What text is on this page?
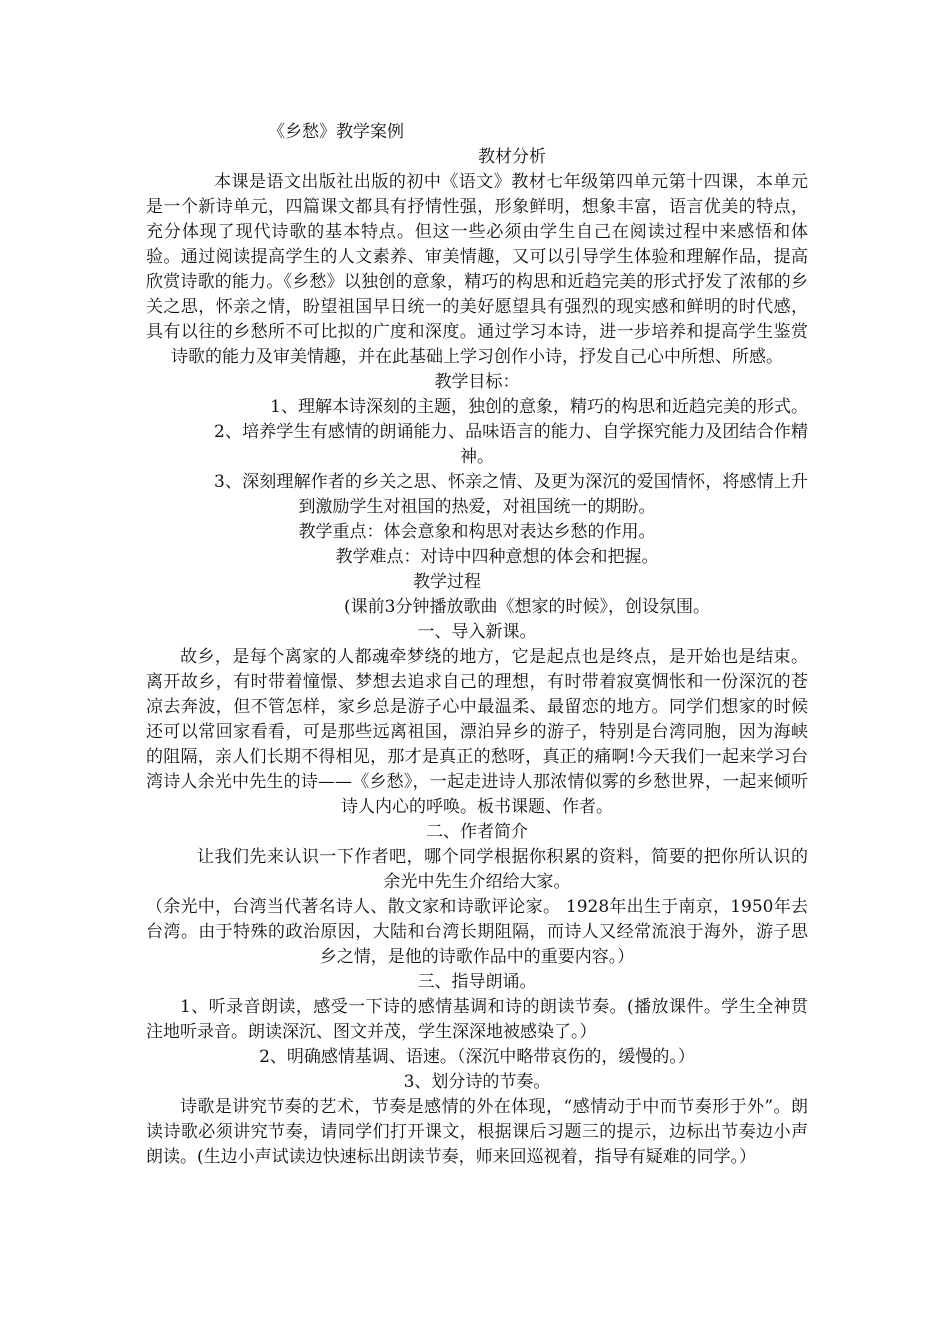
《乡愁》教学案例

教材分析

本课是语文出版社出版的初中《语文》教材七年级第四单元第十四课，本单元是一个新诗单元，四篇课文都具有抒情性强，形象鲜明，想象丰富，语言优美的特点，充分体现了现代诗歌的基本特点。但这一些必须由学生自己在阅读过程中来感悟和体验。通过阅读提高学生的人文素养、审美情趣，又可以引导学生体验和理解作品，提高欣赏诗歌的能力。《乡愁》以独创的意象，精巧的构思和近趋完美的形式抒发了浓郁的乡关之思，怀亲之情，盼望祖国早日统一的美好愿望具有强烈的现实感和鲜明的时代感，具有以往的乡愁所不可比拟的广度和深度。通过学习本诗，进一步培养和提高学生鉴赏诗歌的能力及审美情趣，并在此基础上学习创作小诗，抒发自己心中所想、所感。

教学目标：

1、理解本诗深刻的主题，独创的意象，精巧的构思和近趋完美的形式。

2、培养学生有感情的朗诵能力、品味语言的能力、自学探究能力及团结合作精神。

3、深刻理解作者的乡关之思、怀亲之情、及更为深沉的爱国情怀，将感情上升到激励学生对祖国的热爱，对祖国统一的期盼。

教学重点：体会意象和构思对表达乡愁的作用。

教学难点：对诗中四种意想的体会和把握。

教学过程

(课前3分钟播放歌曲《想家的时候》，创设氛围。

一、导入新课。

故乡，是每个离家的人都魂牵梦绕的地方，它是起点也是终点，是开始也是结束。离开故乡，有时带着憧憬、梦想去追求自己的理想，有时带着寂寞惆怅和一份深沉的苍凉去奔波，但不管怎样，家乡总是游子心中最温柔、最留恋的地方。同学们想家的时候还可以常回家看看，可是那些远离祖国，漂泊异乡的游子，特别是台湾同胞，因为海峡的阻隔，亲人们长期不得相见，那才是真正的愁呀，真正的痛啊!今天我们一起来学习台湾诗人余光中先生的诗——《乡愁》，一起走进诗人那浓情似雾的乡愁世界，一起来倾听诗人内心的呼唤。板书课题、作者。

二、作者简介

让我们先来认识一下作者吧，哪个同学根据你积累的资料，简要的把你所认识的余光中先生介绍给大家。

（余光中，台湾当代著名诗人、散文家和诗歌评论家。 1928年出生于南京，1950年去台湾。由于特殊的政治原因，大陆和台湾长期阻隔，而诗人又经常流浪于海外，游子思乡之情，是他的诗歌作品中的重要内容。）

三、指导朗诵。

1、听录音朗读，感受一下诗的感情基调和诗的朗读节奏。(播放课件。学生全神贯注地听录音。朗读深沉、图文并茂，学生深深地被感染了。）

2、明确感情基调、语速。（深沉中略带哀伤的，缓慢的。）

3、划分诗的节奏。

诗歌是讲究节奏的艺术，节奏是感情的外在体现，“感情动于中而节奏形于外”。朗读诗歌必须讲究节奏，请同学们打开课文，根据课后习题三的提示，边标出节奏边小声朗读。(生边小声试读边快速标出朗读节奏，师来回巡视着，指导有疑难的同学。）
